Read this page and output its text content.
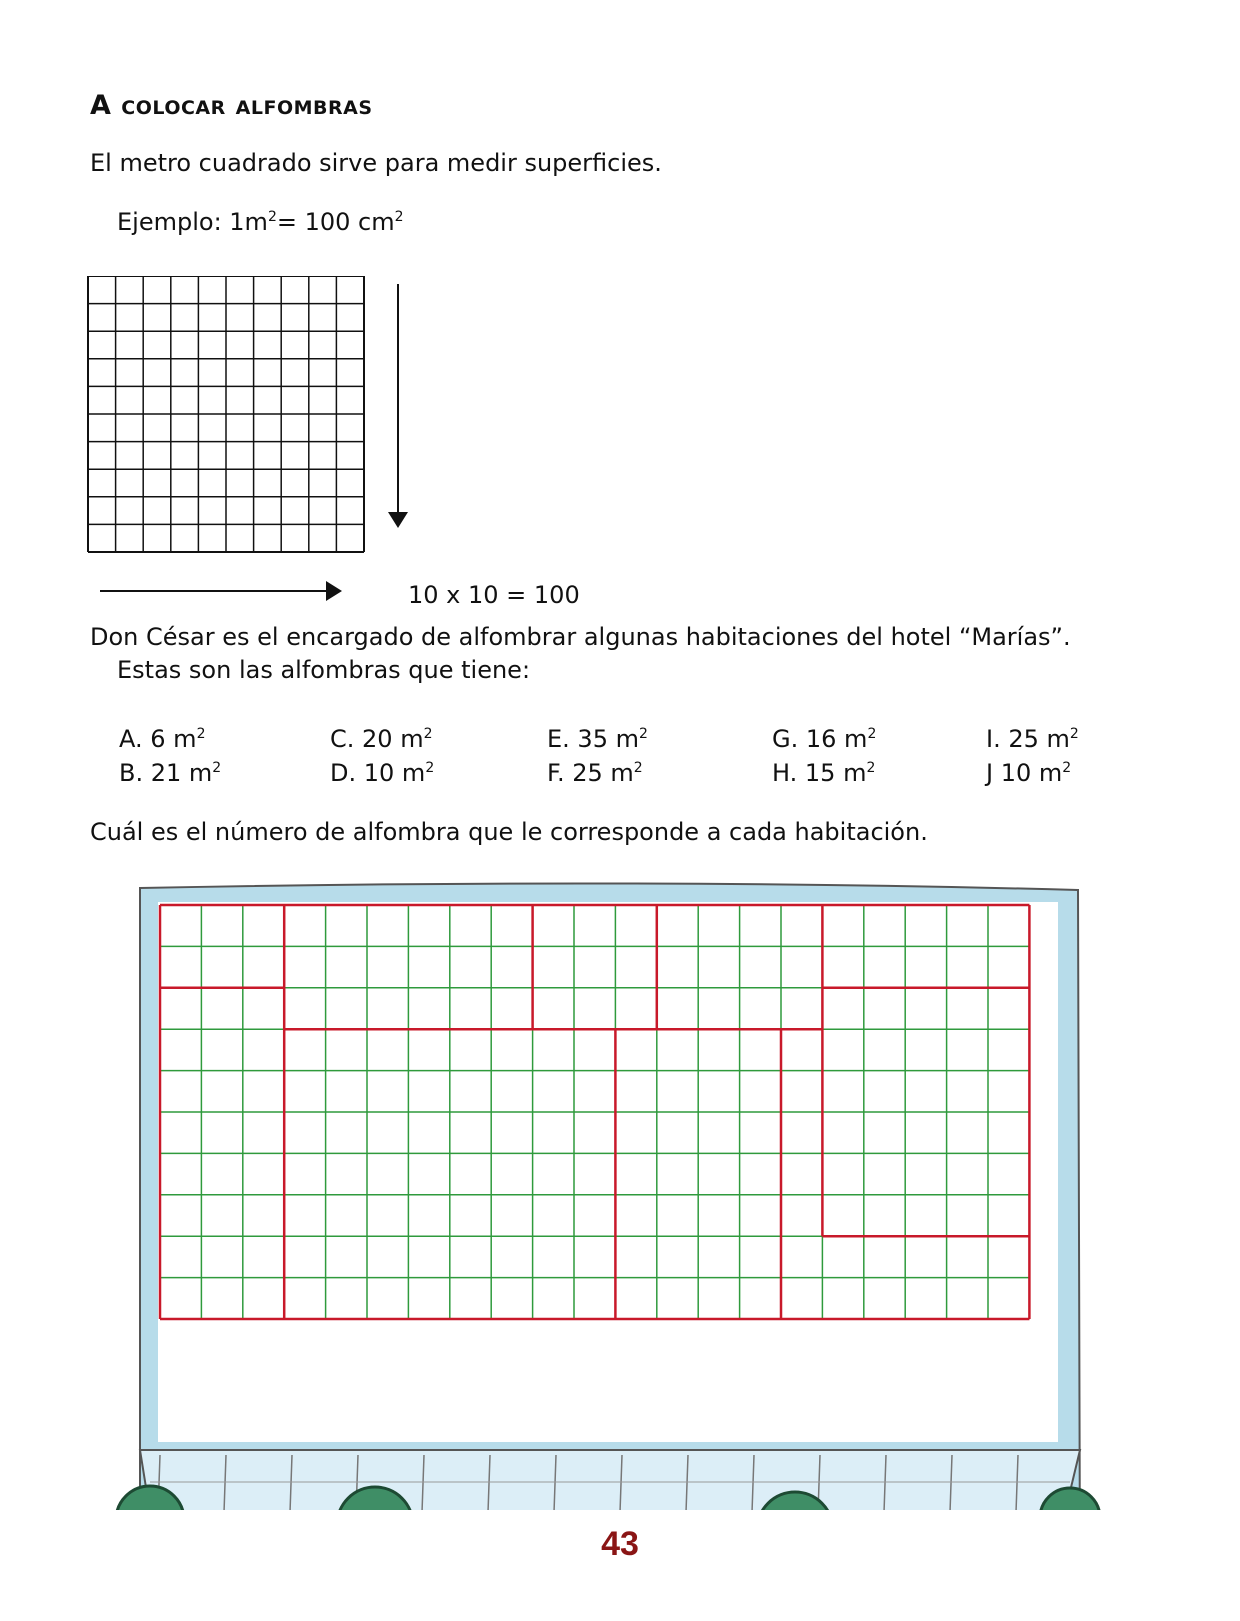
A colocar alfombras
El metro cuadrado sirve para medir superficies.
Ejemplo: $1m^2= 100$ $cm^2$
10 x 10 = 100
Don César es el encargado de alfombrar algunas habitaciones del hotel “Marías”.
Estas son las alfombras que tiene:
A. 6 $m^2$
B. 21 $m^2$
C. 20 $m^2$
D. 10 $m^2$
E. 35 $m^2$
F. 25 $m^2$
G. 16 $m^2$
H. 15 $m^2$
I. 25 $m^2$
J 10 $m^2$
Cuál es el número de alfombra que le corresponde a cada habitación.
43
